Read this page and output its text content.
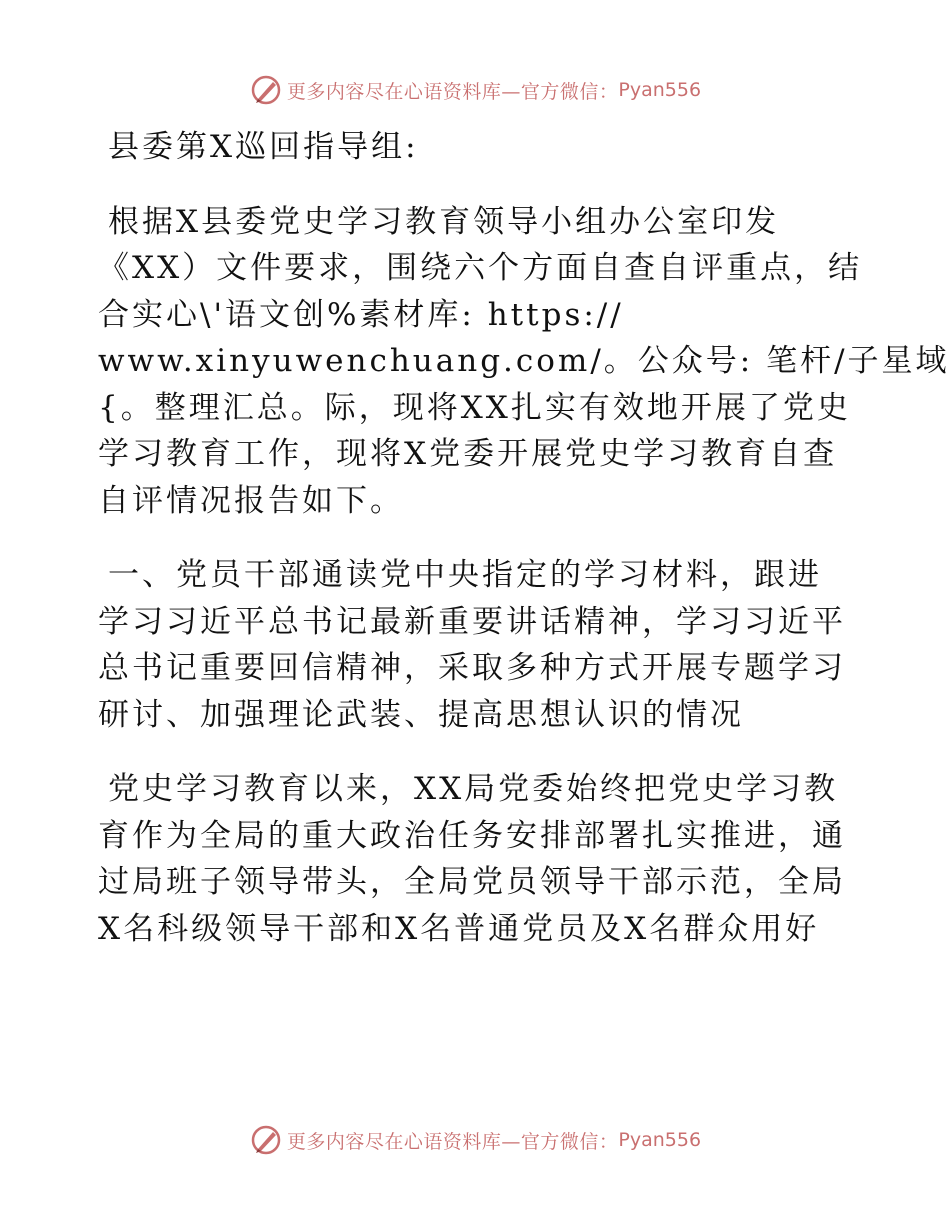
更多内容尽在心语资料库—官方微信： Pyan556

县委第X巡回指导组:

根据X县委党史学习教育领导小组办公室印发

《XX）文件要求，围绕六个方面自查自评重点，结

合实心\'语文创%素材库: https://

www.xinyuwenchuang.com/。公众号: 笔杆/子星域

{。整理汇总。际，现将XX扎实有效地开展了党史

学习教育工作，现将X党委开展党史学习教育自查

自评情况报告如下。

一、党员干部通读党中央指定的学习材料，跟进

学习习近平总书记最新重要讲话精神，学习习近平

总书记重要回信精神，采取多种方式开展专题学习

研讨、加强理论武装、提高思想认识的情况

党史学习教育以来，XX局党委始终把党史学习教

育作为全局的重大政治任务安排部署扎实推进，通

过局班子领导带头，全局党员领导干部示范，全局

X名科级领导干部和X名普通党员及X名群众用好

更多内容尽在心语资料库—官方微信： Pyan556
